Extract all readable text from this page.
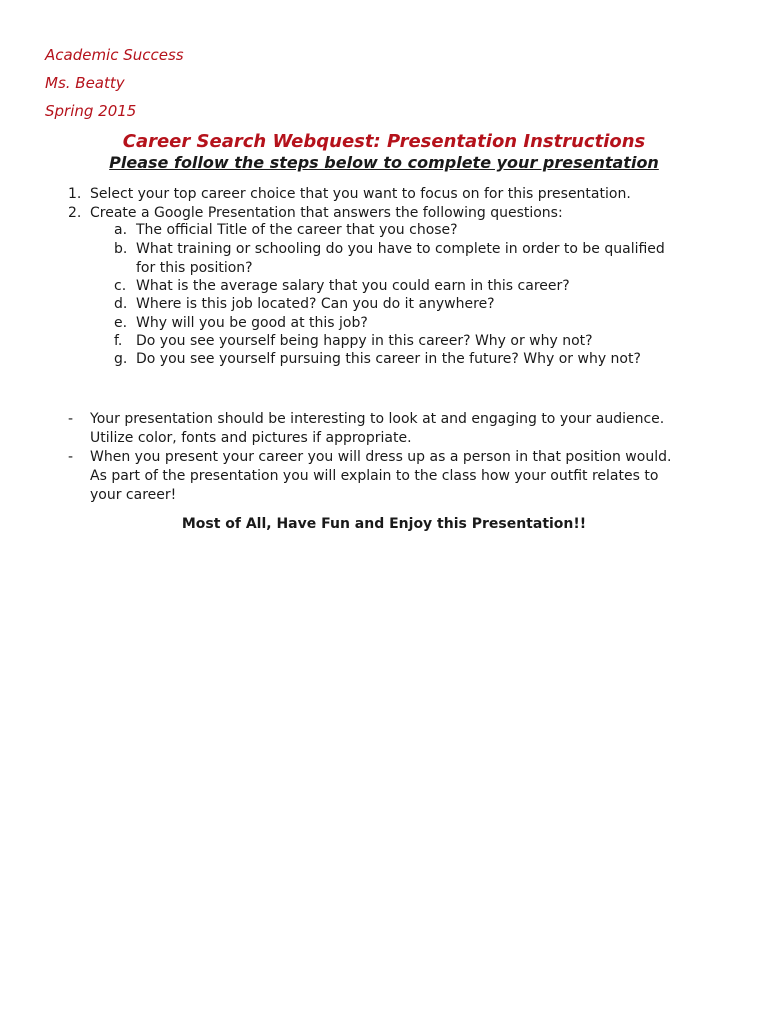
Academic Success
Ms. Beatty
Spring 2015
Career Search Webquest: Presentation Instructions
Please follow the steps below to complete your presentation
1. Select your top career choice that you want to focus on for this presentation.
2. Create a Google Presentation that answers the following questions:
a. The official Title of the career that you chose?
b. What training or schooling do you have to complete in order to be qualified
for this position?
c. What is the average salary that you could earn in this career?
d. Where is this job located? Can you do it anywhere?
e. Why will you be good at this job?
f. Do you see yourself being happy in this career? Why or why not?
g. Do you see yourself pursuing this career in the future? Why or why not?
- Your presentation should be interesting to look at and engaging to your audience.
Utilize color, fonts and pictures if appropriate.
- When you present your career you will dress up as a person in that position would.
As part of the presentation you will explain to the class how your outfit relates to
your career!
Most of All, Have Fun and Enjoy this Presentation!!
